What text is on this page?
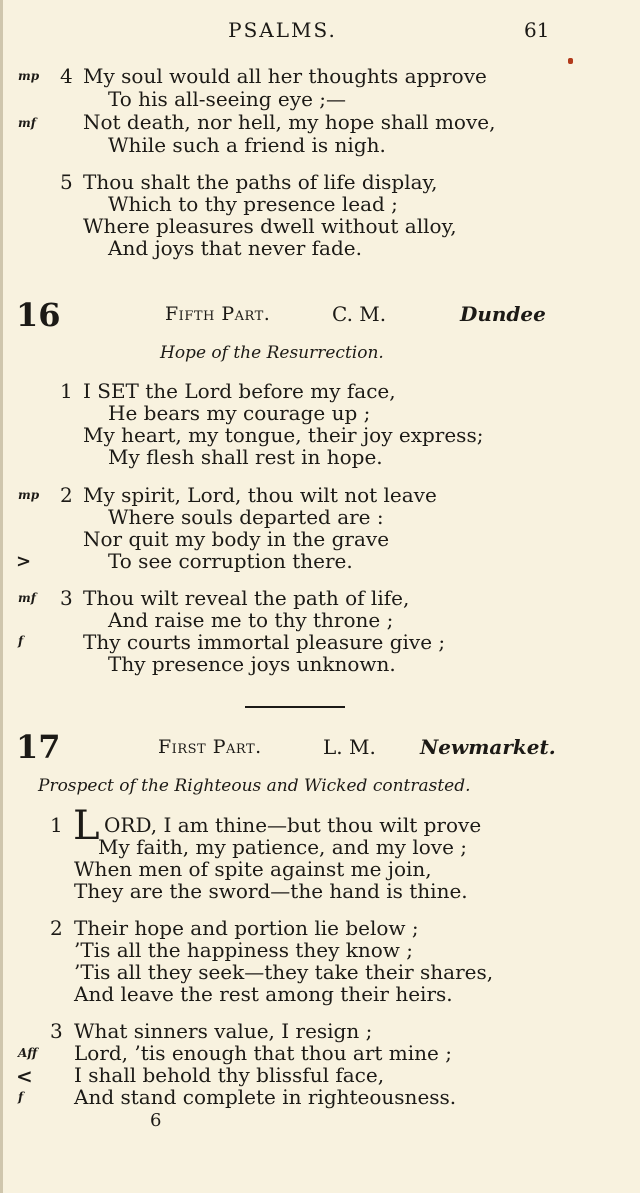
PSALMS.	61
mp 4 My soul would all her thoughts approve
To his all-seeing eye ;—
mf Not death, nor hell, my hope shall move,
While such a friend is nigh.
5 Thou shalt the paths of life display,
Which to thy presence lead ;
Where pleasures dwell without alloy,
And joys that never fade.
16	Fifth Part.	C. M.	Dundee
Hope of the Resurrection.
1 I SET the Lord before my face,
He bears my courage up ;
My heart, my tongue, their joy express;
My flesh shall rest in hope.
mp 2 My spirit, Lord, thou wilt not leave
Where souls departed are :
Nor quit my body in the grave
>	To see corruption there.
mf 3 Thou wilt reveal the path of life,
And raise me to thy throne ;
f	Thy courts immortal pleasure give ;
Thy presence joys unknown.
17	First Part.	L. M. Newmarket.
Prospect of the Righteous and Wicked contrasted.
1 L ORD, I am thine—but thou wilt prove
My faith, my patience, and my love ;
When men of spite against me join,
They are the sword—the hand is thine.
2 Their hope and portion lie below ;
’Tis all the happiness they know ;
’Tis all they seek—they take their shares,
And leave the rest among their heirs.
3 What sinners value, I resign ;
Aff Lord, ’tis enough that thou art mine ;
< I shall behold thy blissful face,
f	And stand complete in righteousness.
6
